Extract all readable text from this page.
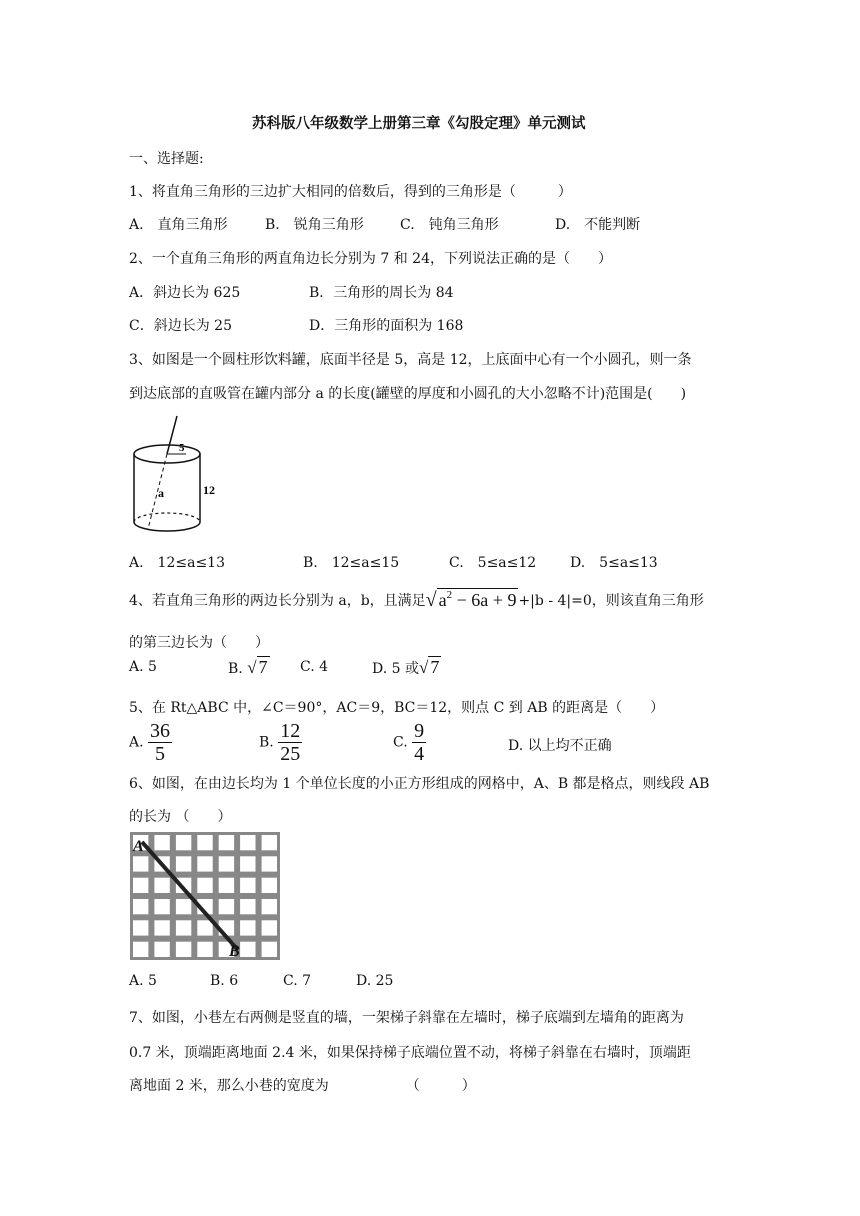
苏科版八年级数学上册第三章《勾股定理》单元测试
一、选择题:
1、将直角三角形的三边扩大相同的倍数后，得到的三角形是（　　　）
A.　直角三角形	B.　锐角三角形	C.　钝角三角形	D.　不能判断
2、一个直角三角形的两直角边长分别为 7 和 24，下列说法正确的是（　　）
A．斜边长为 625	B．三角形的周长为 84
C．斜边长为 25	D．三角形的面积为 168
3、如图是一个圆柱形饮料罐，底面半径是 5，高是 12，上底面中心有一个小圆孔，则一条
到达底部的直吸管在罐内部分 a 的长度(罐壁的厚度和小圆孔的大小忽略不计)范围是(　　)
5
12
a
A.　12≤a≤13	B.　12≤a≤15	C.　5≤a≤12 D.　5≤a≤13
4、若直角三角形的两边长分别为 a，b，且满足√ $a^2 - 6a + 9 +|b - 4|=0$，则该直角三角形
的第三边长为（　　）
A. 5	B. √ 7 C. 4	D. 5 或√ 7
5、在 Rt△ABC 中，∠C＝90°，AC＝9，BC＝12，则点 C 到 AB 的距离是（　　）
A. $\frac{36}{5}$	B. $\frac{12}{25}$	C. $\frac{9}{4}$	D. 以上均不正确
6、如图，在由边长均为 1 个单位长度的小正方形组成的网格中，A、B 都是格点，则线段 AB
的长为 （　　）
A
B
A. 5	B. 6	C. 7	D. 25
7、如图，小巷左右两侧是竖直的墙，一架梯子斜靠在左墙时，梯子底端到左墙角的距离为
0.7 米，顶端距离地面 2.4 米，如果保持梯子底端位置不动，将梯子斜靠在右墙时，顶端距
离地面 2 米，那么小巷的宽度为　　　　　　（　　　）
